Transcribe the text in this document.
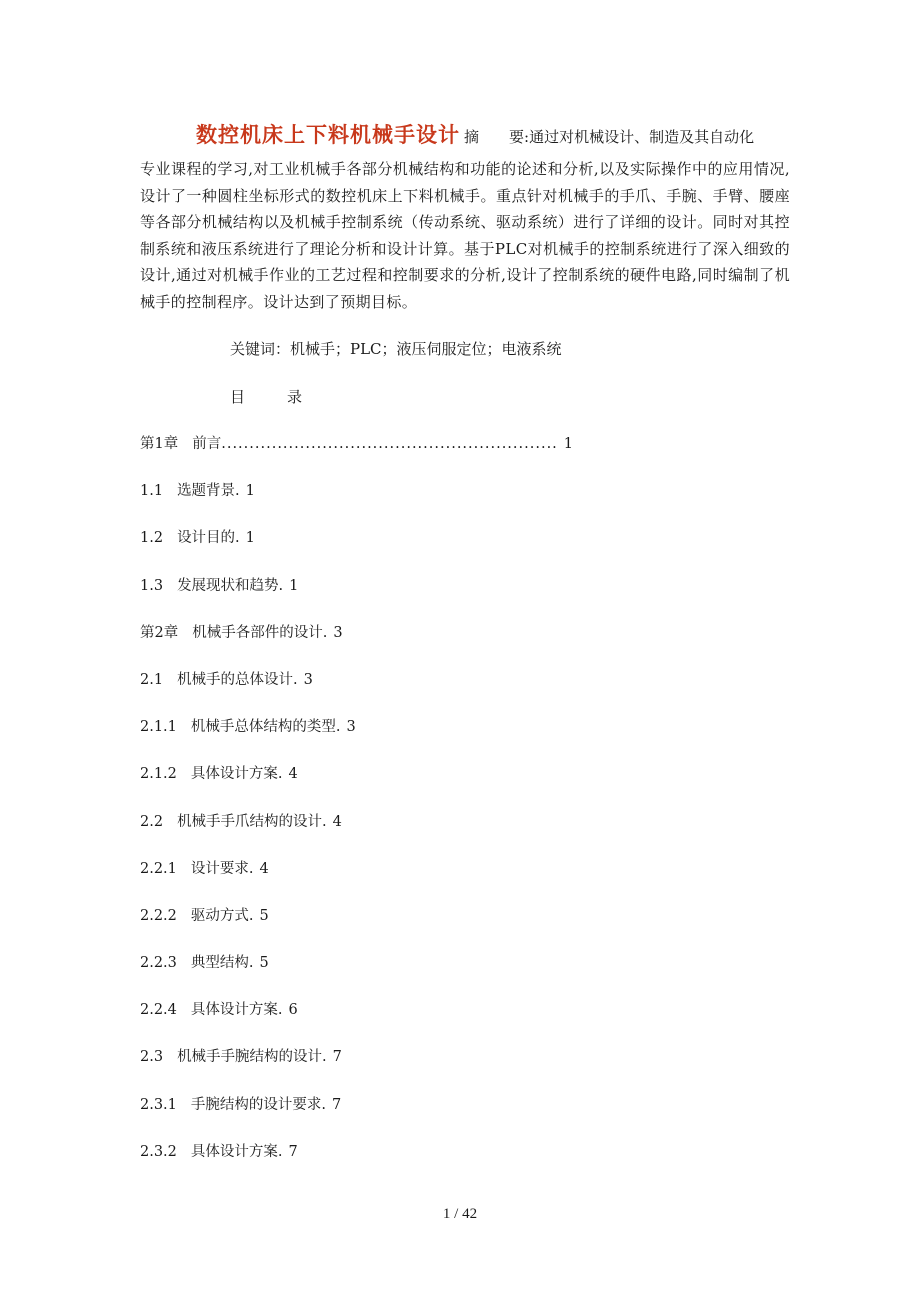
数控机床上下料机械手设计 摘 要:通过对机械设计、制造及其自动化
专业课程的学习,对工业机械手各部分机械结构和功能的论述和分析,以及实际操作中的应用情况,设计了一种圆柱坐标形式的数控机床上下料机械手。重点针对机械手的手爪、手腕、手臂、腰座等各部分机械结构以及机械手控制系统（传动系统、驱动系统）进行了详细的设计。同时对其控制系统和液压系统进行了理论分析和设计计算。基于PLC对机械手的控制系统进行了深入细致的设计,通过对机械手作业的工艺过程和控制要求的分析,设计了控制系统的硬件电路,同时编制了机械手的控制程序。设计达到了预期目标。
关键词：机械手；PLC；液压伺服定位；电液系统
目	录
第1章 前言............................................................ 1
1.1 选题背景. 1
1.2 设计目的. 1
1.3 发展现状和趋势. 1
第2章 机械手各部件的设计. 3
2.1 机械手的总体设计. 3
2.1.1 机械手总体结构的类型. 3
2.1.2 具体设计方案. 4
2.2 机械手手爪结构的设计. 4
2.2.1 设计要求. 4
2.2.2 驱动方式. 5
2.2.3 典型结构. 5
2.2.4 具体设计方案. 6
2.3 机械手手腕结构的设计. 7
2.3.1 手腕结构的设计要求. 7
2.3.2 具体设计方案. 7
1 / 42
